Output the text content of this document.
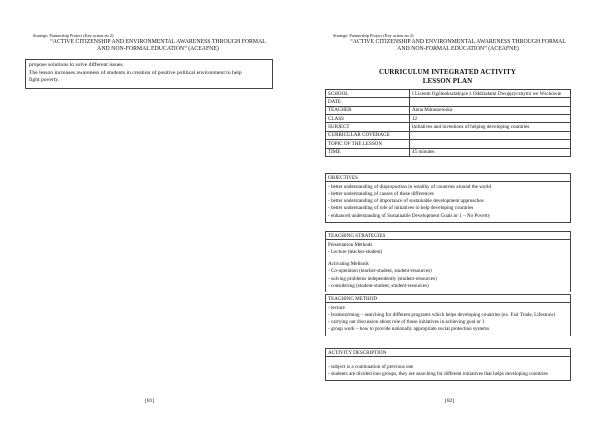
Strategic Partnership Project (Key action no 2)
“ACTIVE CITIZENSHIP AND ENVIRONMENTAL AWARENESS THROUGH FORMAL
AND NON-FORMAL EDUCATION” (ACEAFNE)
propose solutions to solve different issues.
The lesson increases awareness of students in creation of positive political environment to help
fight poverty.
[81]
Strategic Partnership Project (Key action no 2)
“ACTIVE CITIZENSHIP AND ENVIRONMENTAL AWARENESS THROUGH FORMAL
AND NON-FORMAL EDUCATION” (ACEAFNE)
CURRICULUM INTEGRATED ACTIVITY
LESSON PLAN
SCHOOL	I Liceum Ogólnokształcące z Oddziałami Dwujęzycznymi we Wschowie
DATE	
TEACHER	Anna Matuszewska
CLASS	12
SUBJECT	Initiatives and inventions of helping developing countries
CURRICULAR COVERAGE	
TOPIC OF THE LESSON	
TIME	45 minutes
OBJECTIVES
- better understanding of disproportion in wealthy of countries around the world
- better understanding of causes of these differences
- better understanding of importance of sustainable development approaches
- better understanding of role of initiatives to help developing countries
- enhanced understanding of Sustainable Development Goals nr 1 – No Poverty
TEACHING STRATEGIES
Presentation Methods
- Lecture (teacher-student)
Activating Methods
- Co-operation (teacher-student, student-resources)
- solving problems independently (student-resources)
- considering (student-student, student-resources)
TEACHING METHOD
- lecture
- brainstorming – searching for different programs which helps developing countries (ex. Fair Trade, Lifestraw)
- carrying out discussion about role of those initiatives in achieving goal nr 1
- group work – how to provide nationally appropriate social protection systems
ACTIVITY DESCRIPTION
- subject is a continuation of previous one
- students are divided into groups, they are searching for different initiatives that helps developing countries
[82]
